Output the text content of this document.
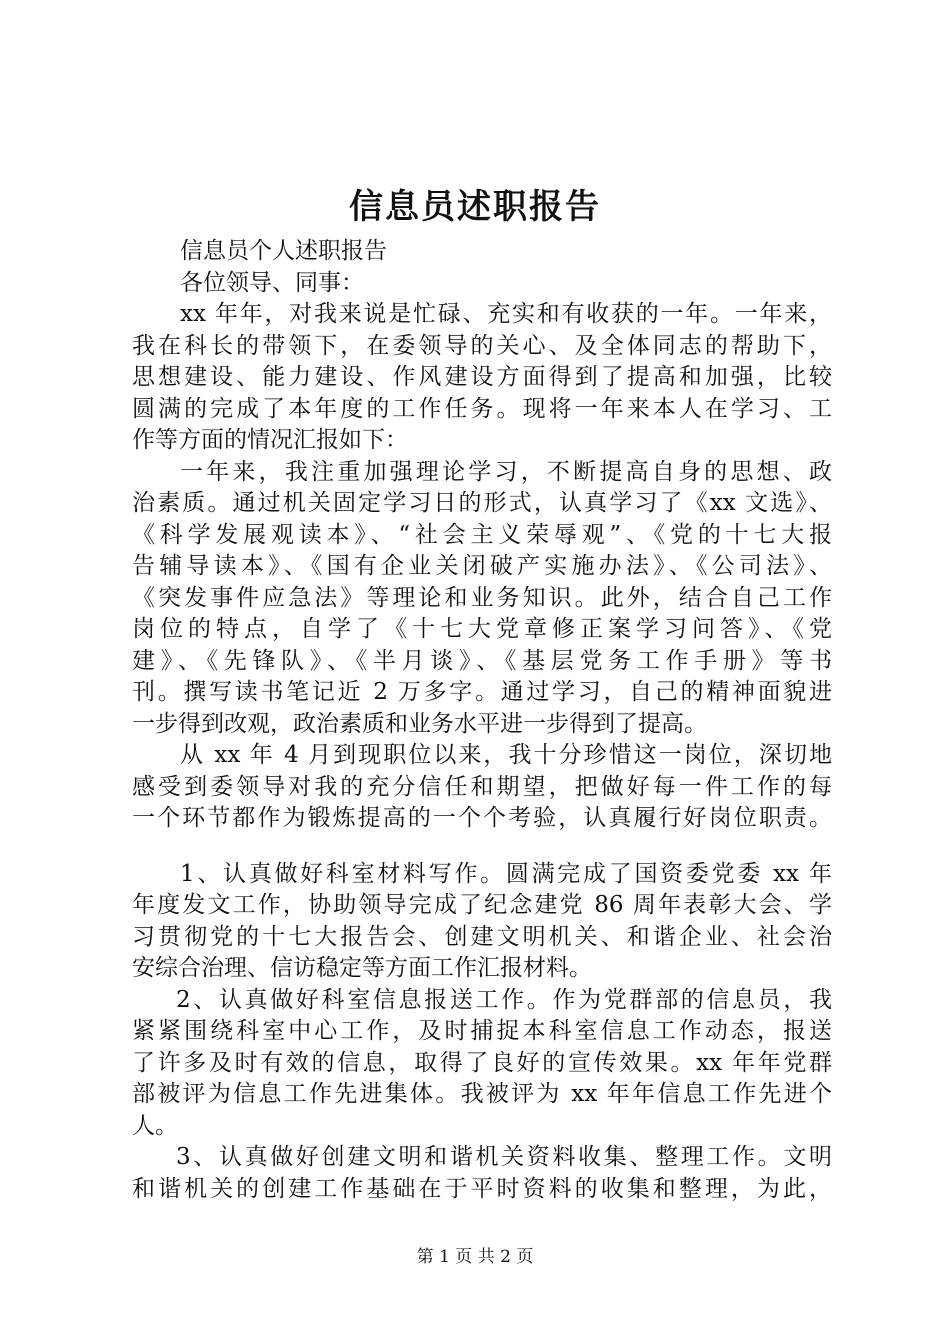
信息员述职报告
信息员个人述职报告
各位领导、同事：
xx 年年，对我来说是忙碌、充实和有收获的一年。一年来，
我在科长的带领下，在委领导的关心、及全体同志的帮助下，
思想建设、能力建设、作风建设方面得到了提高和加强，比较
圆满的完成了本年度的工作任务。现将一年来本人在学习、工
作等方面的情况汇报如下：
一年来，我注重加强理论学习，不断提高自身的思想、政
治素质。通过机关固定学习日的形式，认真学习了《xx 文选》、
《科学发展观读本》、“社会主义荣辱观”、《党的十七大报
告辅导读本》、《国有企业关闭破产实施办法》、《公司法》、
《突发事件应急法》等理论和业务知识。此外，结合自己工作
岗位的特点，自学了《十七大党章修正案学习问答》、《党
建》、《先锋队》、《半月谈》、《基层党务工作手册》等书
刊。撰写读书笔记近 2 万多字。通过学习，自己的精神面貌进
一步得到改观，政治素质和业务水平进一步得到了提高。
从 xx 年 4 月到现职位以来，我十分珍惜这一岗位，深切地
感受到委领导对我的充分信任和期望，把做好每一件工作的每
一个环节都作为锻炼提高的一个个考验，认真履行好岗位职责。
1、认真做好科室材料写作。圆满完成了国资委党委 xx 年
年度发文工作，协助领导完成了纪念建党 86 周年表彰大会、学
习贯彻党的十七大报告会、创建文明机关、和谐企业、社会治
安综合治理、信访稳定等方面工作汇报材料。
2、认真做好科室信息报送工作。作为党群部的信息员，我
紧紧围绕科室中心工作，及时捕捉本科室信息工作动态，报送
了许多及时有效的信息，取得了良好的宣传效果。xx 年年党群
部被评为信息工作先进集体。我被评为 xx 年年信息工作先进个
人。
3、认真做好创建文明和谐机关资料收集、整理工作。文明
和谐机关的创建工作基础在于平时资料的收集和整理，为此，
第 1 页 共 2 页
